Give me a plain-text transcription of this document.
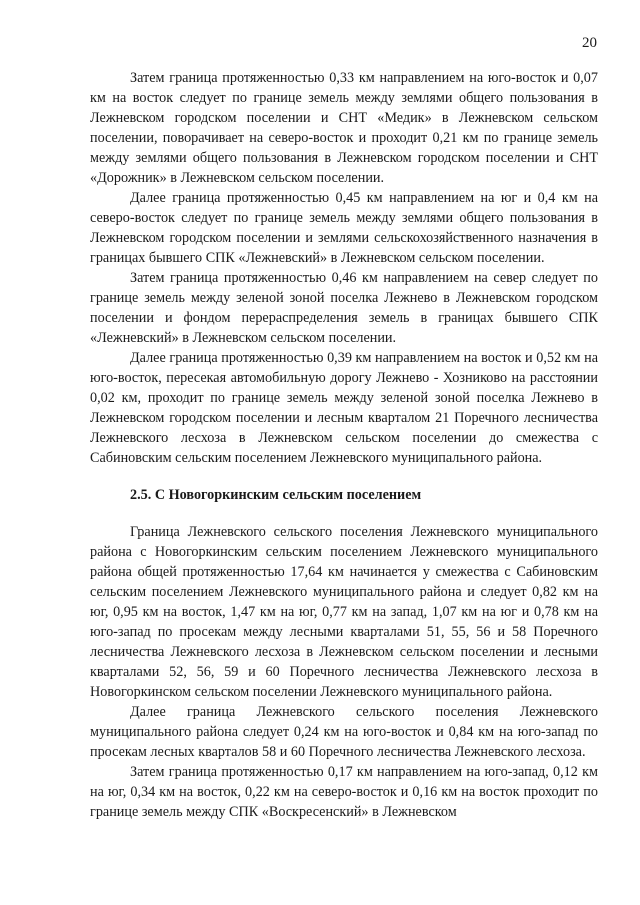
20

Затем граница протяженностью 0,33 км направлением на юго-восток и 0,07 км на восток следует по границе земель между землями общего пользования в Лежневском городском поселении и СНТ «Медик» в Лежневском сельском поселении, поворачивает на северо-восток и проходит 0,21 км по границе земель между землями общего пользования в Лежневском городском поселении и СНТ «Дорожник» в Лежневском сельском поселении.

Далее граница протяженностью 0,45 км направлением на юг и 0,4 км на северо-восток следует по границе земель между землями общего пользования в Лежневском городском поселении и землями сельскохозяйственного назначения в границах бывшего СПК «Лежневский» в Лежневском сельском поселении.

Затем граница протяженностью 0,46 км направлением на север следует по границе земель между зеленой зоной поселка Лежнево в Лежневском городском поселении и фондом перераспределения земель в границах бывшего СПК «Лежневский» в Лежневском сельском поселении.

Далее граница протяженностью 0,39 км направлением на восток и 0,52 км на юго-восток, пересекая автомобильную дорогу Лежнево - Хозниково на расстоянии 0,02 км, проходит по границе земель между зеленой зоной поселка Лежнево в Лежневском городском поселении и лесным кварталом 21 Поречного лесничества Лежневского лесхоза в Лежневском сельском поселении до смежества с Сабиновским сельским поселением Лежневского муниципального района.

2.5. С Новогоркинским сельским поселением

Граница Лежневского сельского поселения Лежневского муниципального района с Новогоркинским сельским поселением Лежневского муниципального района общей протяженностью 17,64 км начинается у смежества с Сабиновским сельским поселением Лежневского муниципального района и следует 0,82 км на юг, 0,95 км на восток, 1,47 км на юг, 0,77 км на запад, 1,07 км на юг и 0,78 км на юго-запад по просекам между лесными кварталами 51, 55, 56 и 58 Поречного лесничества Лежневского лесхоза в Лежневском сельском поселении и лесными кварталами 52, 56, 59 и 60 Поречного лесничества Лежневского лесхоза в Новогоркинском сельском поселении Лежневского муниципального района.

Далее граница Лежневского сельского поселения Лежневского муниципального района следует 0,24 км на юго-восток и 0,84 км на юго-запад по просекам лесных кварталов 58 и 60 Поречного лесничества Лежневского лесхоза.

Затем граница протяженностью 0,17 км направлением на юго-запад, 0,12 км на юг, 0,34 км на восток, 0,22 км на северо-восток и 0,16 км на восток проходит по границе земель между СПК «Воскресенский» в Лежневском
